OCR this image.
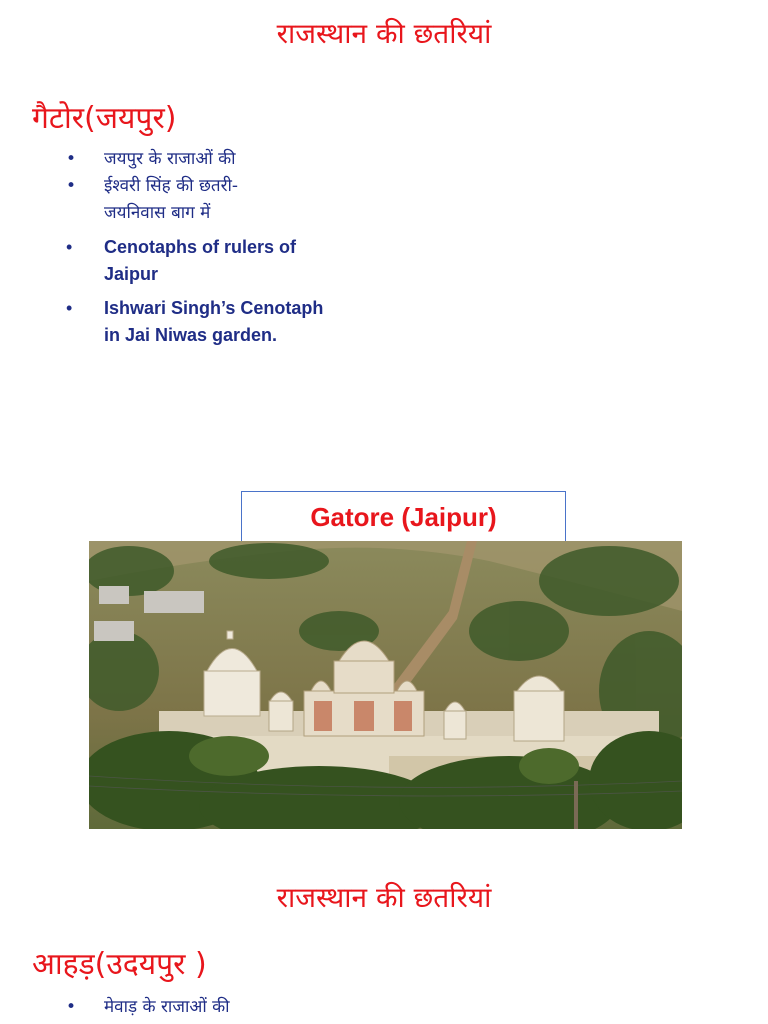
राजस्थान की छतरियां
गैटोर(जयपुर)
• जयपुर के राजाओं की
• ईश्वरी सिंह की छतरी- जयनिवास बाग में
• Cenotaphs of rulers of Jaipur
• Ishwari Singh’s Cenotaph in Jai Niwas garden.
Gatore (Jaipur)
राजस्थान की छतरियां
आहड़(उदयपुर )
• मेवाड़ के राजाओं की
